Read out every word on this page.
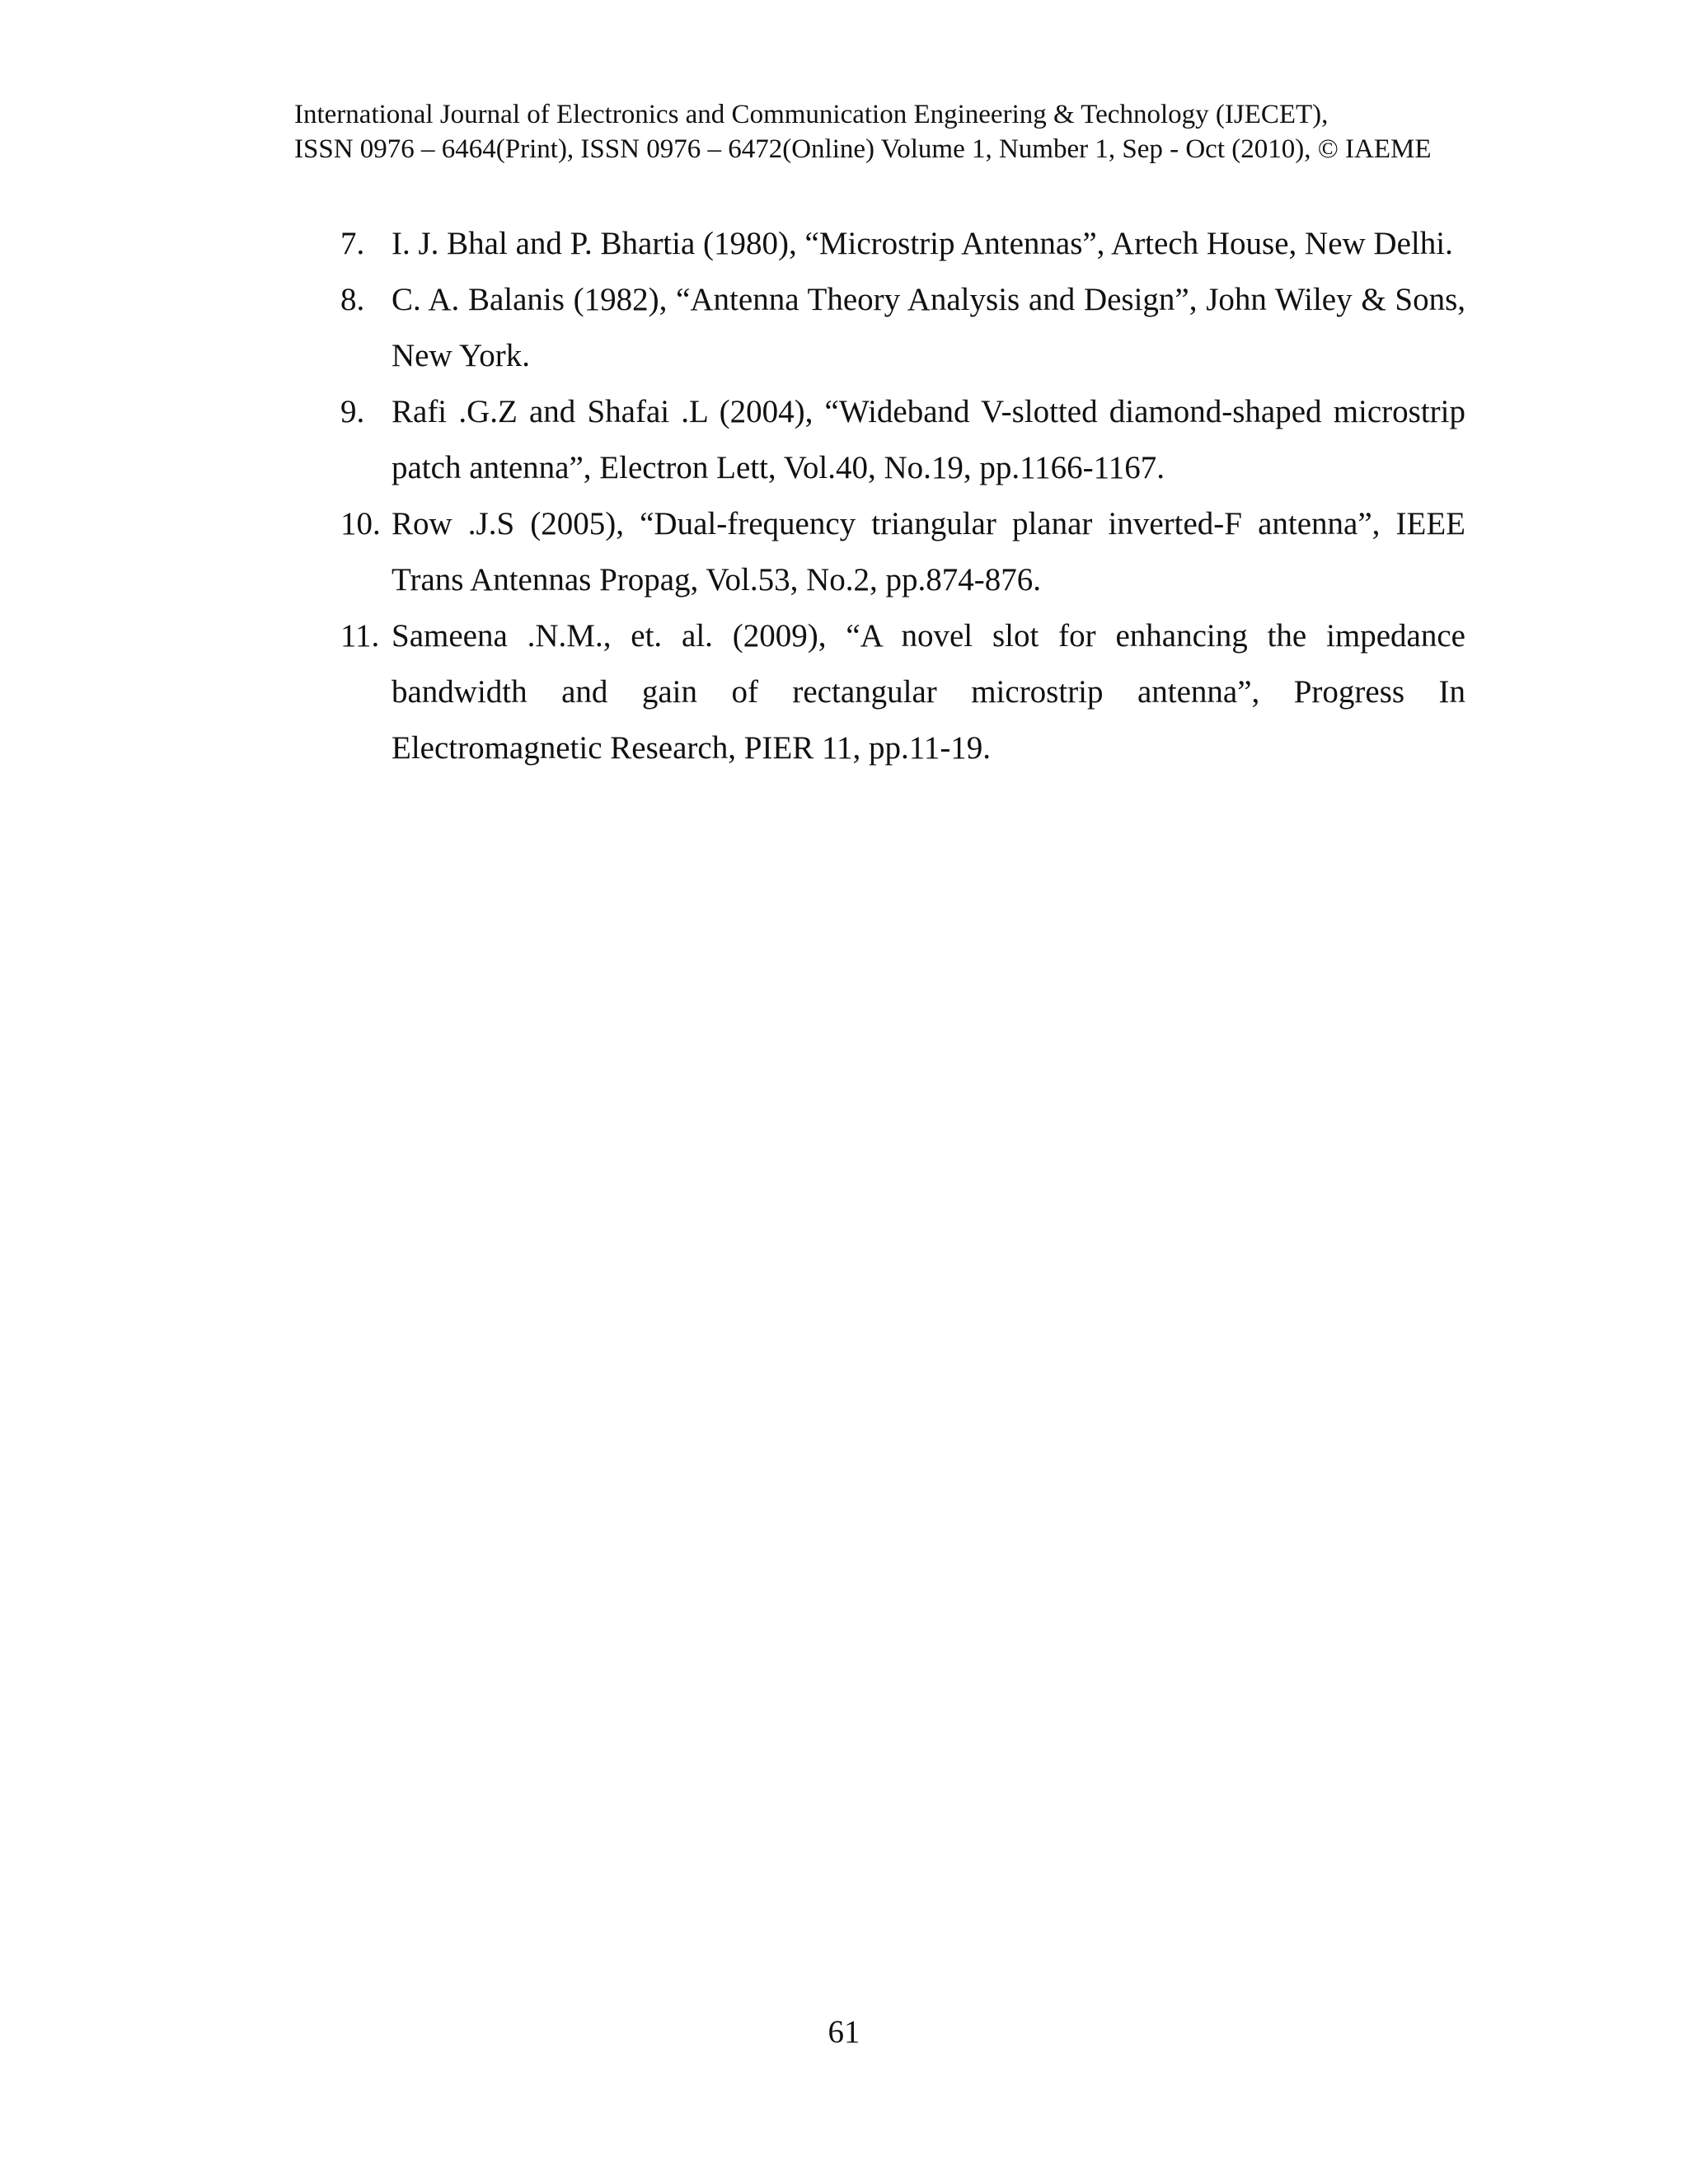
International Journal of Electronics and Communication Engineering & Technology (IJECET),
ISSN 0976 – 6464(Print), ISSN 0976 – 6472(Online) Volume 1, Number 1, Sep - Oct (2010), © IAEME
7. I. J. Bhal and P. Bhartia (1980), “Microstrip Antennas”, Artech House, New Delhi.
8. C. A. Balanis (1982), “Antenna Theory Analysis and Design”, John Wiley & Sons, New York.
9. Rafi .G.Z and Shafai .L (2004), “Wideband V-slotted diamond-shaped microstrip patch antenna”, Electron Lett, Vol.40, No.19, pp.1166-1167.
10. Row .J.S (2005), “Dual-frequency triangular planar inverted-F antenna”, IEEE Trans Antennas Propag, Vol.53, No.2, pp.874-876.
11. Sameena .N.M., et. al. (2009), “A novel slot for enhancing the impedance bandwidth and gain of rectangular microstrip antenna”, Progress In Electromagnetic Research, PIER 11, pp.11-19.
61
